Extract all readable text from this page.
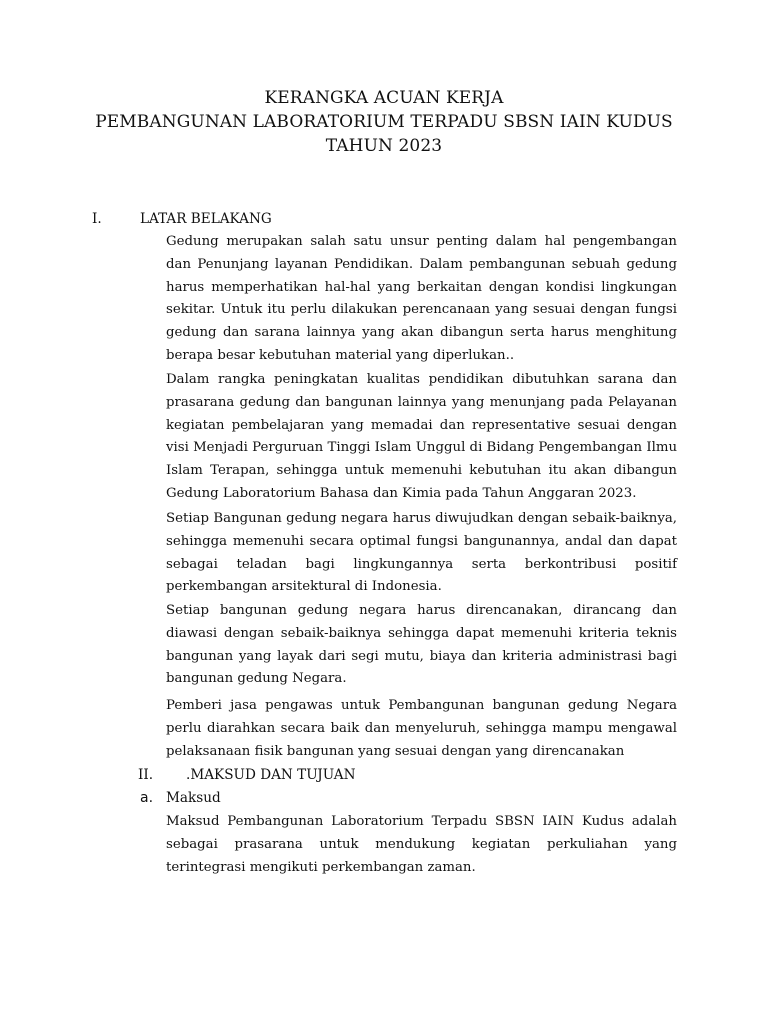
KERANGKA ACUAN KERJA
PEMBANGUNAN LABORATORIUM TERPADU SBSN IAIN KUDUS
TAHUN 2023
I.	LATAR BELAKANG

Gedung merupakan salah satu unsur penting dalam hal pengembangan dan Penunjang layanan Pendidikan. Dalam pembangunan sebuah gedung harus memperhatikan hal-hal yang berkaitan dengan kondisi lingkungan sekitar. Untuk itu perlu dilakukan perencanaan yang sesuai dengan fungsi gedung dan sarana lainnya yang akan dibangun serta harus menghitung berapa besar kebutuhan material yang diperlukan..

Dalam rangka peningkatan kualitas pendidikan dibutuhkan sarana dan prasarana gedung dan bangunan lainnya yang menunjang pada Pelayanan kegiatan pembelajaran yang memadai dan representative sesuai dengan visi Menjadi Perguruan Tinggi Islam Unggul di Bidang Pengembangan Ilmu Islam Terapan, sehingga untuk memenuhi kebutuhan itu akan dibangun Gedung Laboratorium Bahasa dan Kimia pada Tahun Anggaran 2023.

Setiap Bangunan gedung negara harus diwujudkan dengan sebaik-baiknya, sehingga memenuhi secara optimal fungsi bangunannya, andal dan dapat sebagai teladan bagi lingkungannya serta berkontribusi positif perkembangan arsitektural di Indonesia.

Setiap bangunan gedung negara harus direncanakan, dirancang dan diawasi dengan sebaik-baiknya sehingga dapat memenuhi kriteria teknis bangunan yang layak dari segi mutu, biaya dan kriteria administrasi bagi bangunan gedung Negara.

Pemberi jasa pengawas untuk Pembangunan bangunan gedung Negara perlu diarahkan secara baik dan menyeluruh, sehingga mampu mengawal pelaksanaan fisik bangunan yang sesuai dengan yang direncanakan

II. .MAKSUD DAN TUJUAN
a. Maksud

Maksud Pembangunan Laboratorium Terpadu SBSN IAIN Kudus adalah sebagai prasarana untuk mendukung kegiatan perkuliahan yang terintegrasi mengikuti perkembangan zaman.
